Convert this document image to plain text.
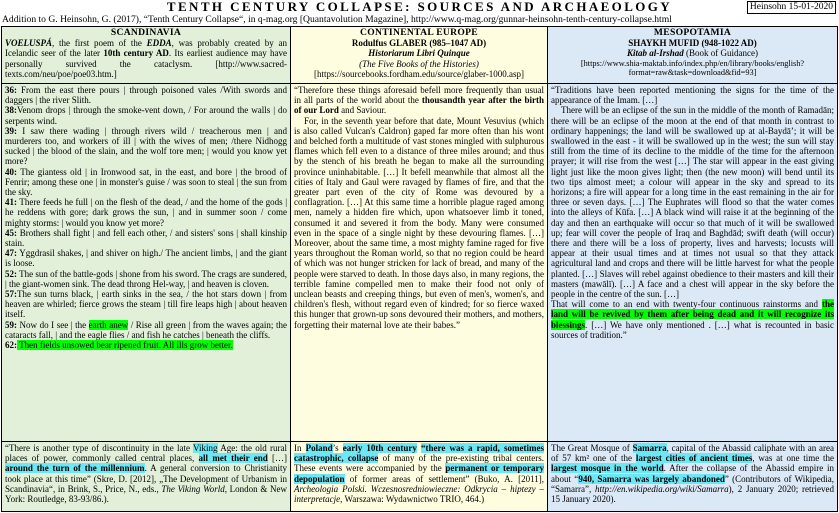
TENTH CENTURY COLLAPSE: SOURCES AND ARCHAEOLOGY	Heinsohn 15-01-2020
Addition to G. Heinsohn, G. (2017), “Tenth Century Collapse“, in q-mag.org [Quantavolution Magazine], http://www.q-mag.org/gunnar-heinsohn-tenth-century-collapse.html
SCANDINAVIA

VOELUSPÁ, the first poem of the EDDA, was probably created by an Icelandic seer of the later 10th century AD. Its earliest audience may have personally survived the cataclysm. [http://www.sacred-texts.com/neu/poe/poe03.htm.]

CONTINENTAL EUROPE
Rodulfus GLABER (985–1047 AD)
Historiarum Libri Quinque
(The Five Books of the Histories)
[https://sourcebooks.fordham.edu/source/glaber-1000.asp]
MESOPOTAMIA
SHAYKH MUFID (948-1022 AD)
Kitab al-Irshad (Book of Guidance)
[https://www.shia-maktab.info/index.php/en/library/books/english?format=raw&task=download&fid=93]

36: From the east there pours | through poisoned vales /With swords and daggers | the river Slith.

38:Venom drops | through the smoke-vent down, / For around the walls | do serpents wind.

39: I saw there wading | through rivers wild / treacherous men | and murderers too, and workers of ill | with the wives of men; /there Nidhogg sucked | the blood of the slain, and the wolf tore men; | would you know yet more?

40: The giantess old | in Ironwood sat, in the east, and bore | the brood of Fenrir; among these one | in monster's guise / was soon to steal | the sun from the sky.

41: There feeds he full | on the flesh of the dead, / and the home of the gods | he reddens with gore; dark grows the sun, | and in summer soon / come mighty storms: | would you know yet more?

45: Brothers shall fight | and fell each other, / and sisters' sons | shall kinship stain.

47: Yggdrasil shakes, | and shiver on high./ The ancient limbs, | and the giant is loose.

52: The sun of the battle-gods | shone from his sword. The crags are sundered, | the giant-women sink. The dead throng Hel-way, | and heaven is cloven.

57:The sun turns black, | earth sinks in the sea, / the hot stars down | from heaven are whirled; fierce grows the steam | till fire leaps high | about heaven itself.

59: Now do I see | the earth anew / Rise all green | from the waves again; the cataracts fall, | and the eagle flies / and fish he catches | beneath the cliffs.

62: Then fields unsowed bear ripened fruit. All ills grow better.

“Therefore these things aforesaid befell more frequently than usual in all parts of the world about the thousandth year after the birth of our Lord and Saviour.

For, in the seventh year before that date, Mount Vesuvius (which is also called Vulcan's Caldron) gaped far more often than his wont and belched forth a multitude of vast stones mingled with sulphurous flames which fell even to a distance of three miles around; and thus by the stench of his breath he began to make all the surrounding province uninhabitable. […] It befell meanwhile that almost all the cities of Italy and Gaul were ravaged by flames of fire, and that the greater part even of the city of Rome was devoured by a conflagration. […] At this same time a horrible plague raged among men, namely a hidden fire which, upon whatsoever limb it toned, consumed it and severed it from the body. Many were consumed even in the space of a single night by these devouring flames. […] Moreover, about the same time, a most mighty famine raged for five years throughout the Roman world, so that no region could be heard of which was not hunger stricken for lack of bread, and many of the people were starved to death. In those days also, in many regions, the terrible famine compelled men to make their food not only of unclean beasts and creeping things, but even of men's, women's, and children's flesh, without regard even of kindred; for so fierce waxed this hunger that grown-up sons devoured their mothers, and mothers, forgetting their maternal love ate their babes.”

“Traditions have been reported mentioning the signs for the time of the appearance of the Imam. […]

There will be an eclipse of the sun in the middle of the month of Ramadān; there will be an eclipse of the moon at the end of that month in contrast to ordinary happenings; the land will be swallowed up at al-Baydā’; it will be swallowed in the east - it will be swallowed up in the west; the sun will stay still from the time of its decline to the middle of the time for the afternoon prayer; it will rise from the west […] The star will appear in the east giving light just like the moon gives light; then (the new moon) will bend until its two tips almost meet; a colour will appear in the sky and spread to its horizons; a fire will appear for a long time in the east remaining in the air for three or seven days. […] The Euphrates will flood so that the water comes into the alleys of Kūfa. […] A black wind will raise it at the beginning of the day and then an earthquake will occur so that much of it will be swallowed up; fear will cover the people of Iraq and Baghdād; swift death (will occur) there and there will be a loss of property, lives and harvests; locusts will appear at their usual times and at times not usual so that they attack agricultural land and crops and there will be little harvest for what the people planted. […] Slaves will rebel against obedience to their masters and kill their masters (mawālī). […] A face and a chest will appear in the sky before the people in the centre of the sun. […]

That will come to an end with twenty-four continuous rainstorms and the land will be revived by them after being dead and it will recognize its blessings. […] We have only mentioned . […] what is recounted in basic sources of tradition.”

“There is another type of discontinuity in the late Viking Age: the old rural places of power, commonly called central places, all met their end […] around the turn of the millennium. A general conversion to Christianity took place at this time” (Skre, D. [2012], „The Development of Urbanism in Scandinavia“, in Brink, S., Price, N., eds., The Viking World, London & New York: Routledge, 83-93/86.).

In Poland’s early 10th century “there was a rapid, sometimes catastrophic, collapse of many of the pre-existing tribal centers. These events were accompanied by the permanent or temporary depopulation of former areas of settlement” (Buko, A. [2011], Archeologia Polski. Wczesnosredniowieczne: Odkrycia – hiptezy – interpretacje, Warszawa: Wydawnictwo TRIO, 464.)

The Great Mosque of Samarra, capital of the Abassid caliphate with an area of 57 km² one of the largest cities of ancient times, was at one time the largest mosque in the world. After the collapse of the Abassid empire in about “940, Samarra was largely abandoned” (Contributors of Wikipedia, “Samarra”, http://en.wikipedia.org/wiki/Samarra), 2 January 2020; retrieved 15 January 2020).
